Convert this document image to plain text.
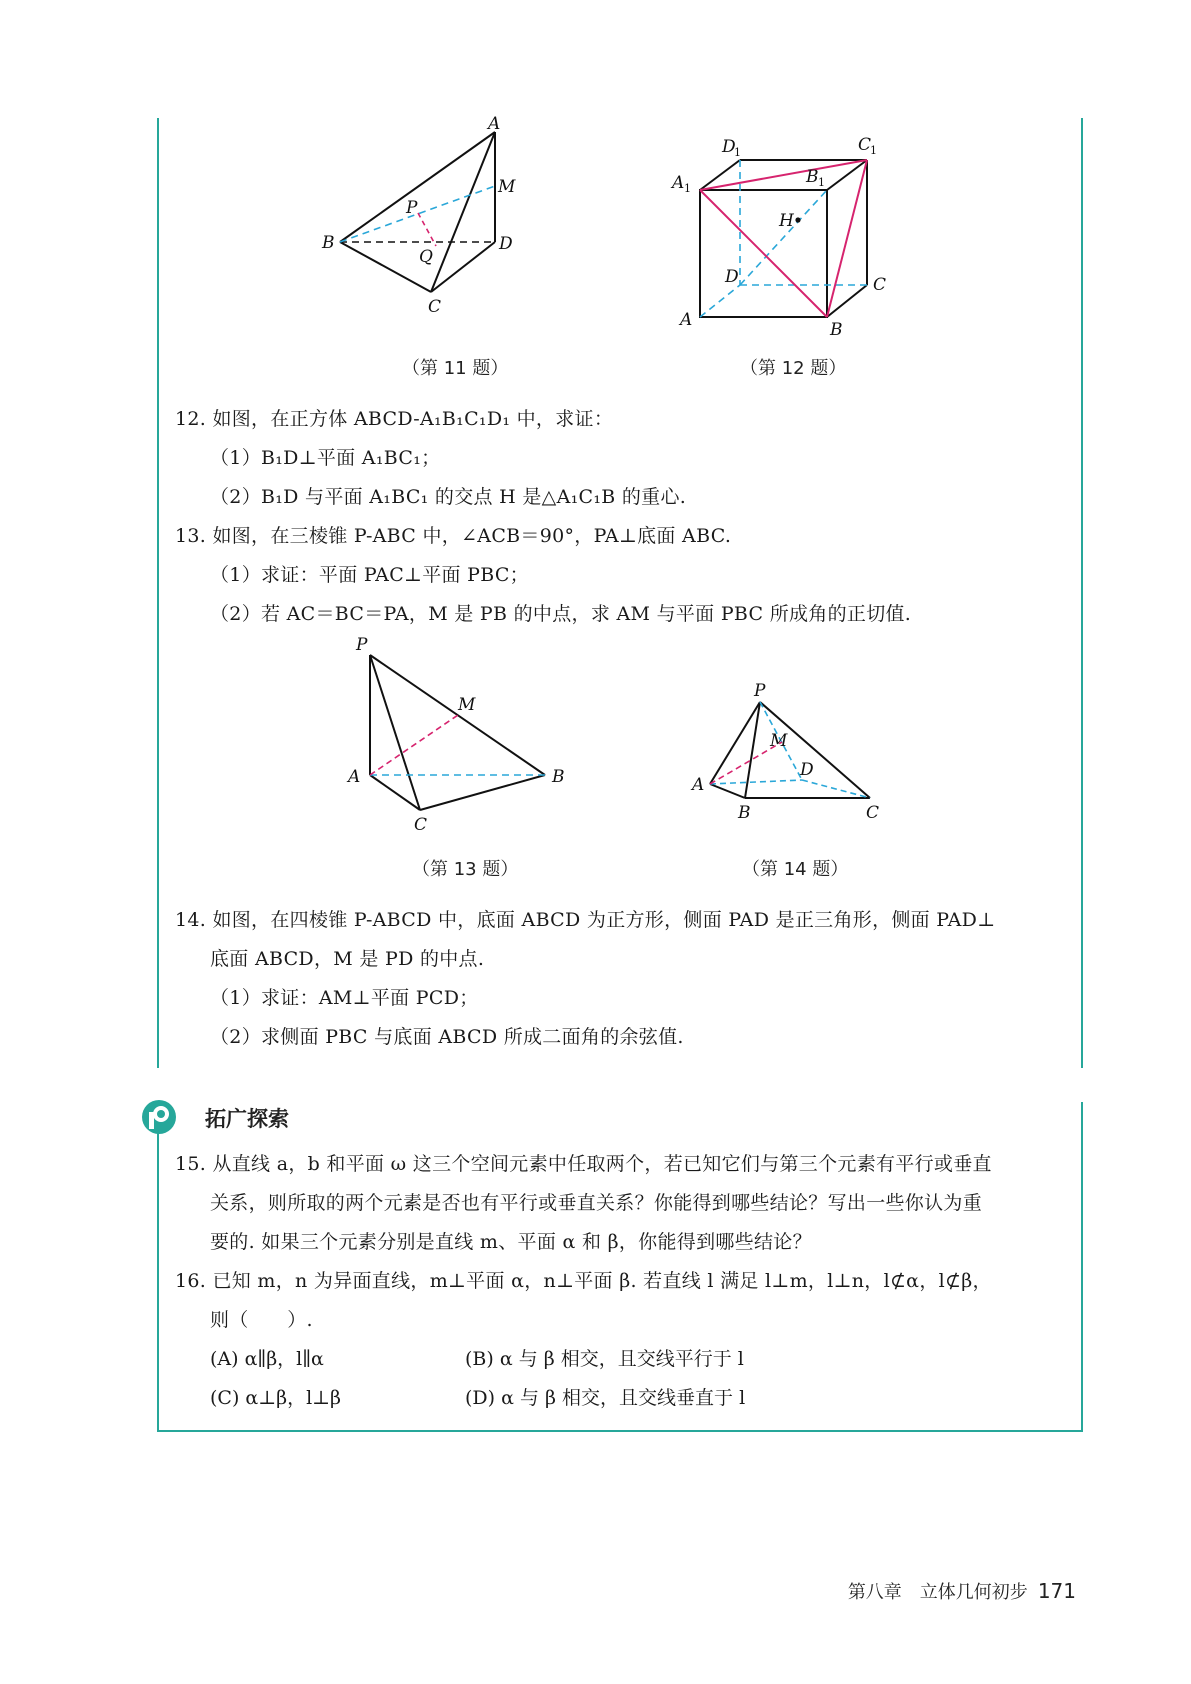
A
M
P
B	D
Q
C
（第 11 题）
D
1	C
1
A 1
B 1
H
D	C
A	B
（第 12 题）
12. 如图，在正方体 ABCD-A₁B₁C₁D₁ 中，求证：
（1）B₁D⊥平面 A₁BC₁；
（2）B₁D 与平面 A₁BC₁ 的交点 H 是△A₁C₁B 的重心.
13. 如图，在三棱锥 P-ABC 中，∠ACB＝90°，PA⊥底面 ABC.
（1）求证：平面 PAC⊥平面 PBC；
（2）若 AC＝BC＝PA，M 是 PB 的中点，求 AM 与平面 PBC 所成角的正切值.
P
M
A	B
C
（第 13 题）
P
M
D
A
B	C
（第 14 题）
14. 如图，在四棱锥 P-ABCD 中，底面 ABCD 为正方形，侧面 PAD 是正三角形，侧面 PAD⊥
底面 ABCD，M 是 PD 的中点.
（1）求证：AM⊥平面 PCD；
（2）求侧面 PBC 与底面 ABCD 所成二面角的余弦值.
拓广探索
15. 从直线 a，b 和平面 ω 这三个空间元素中任取两个，若已知它们与第三个元素有平行或垂直
关系，则所取的两个元素是否也有平行或垂直关系？你能得到哪些结论？写出一些你认为重
要的. 如果三个元素分别是直线 m、平面 α 和 β，你能得到哪些结论？
16. 已知 m，n 为异面直线，m⊥平面 α，n⊥平面 β. 若直线 l 满足 l⊥m，l⊥n，l⊄α，l⊄β，
则（　　）.
(A) α∥β，l∥α	(B) α 与 β 相交，且交线平行于 l
(C) α⊥β，l⊥β	(D) α 与 β 相交，且交线垂直于 l
第八章　立体几何初步 171
